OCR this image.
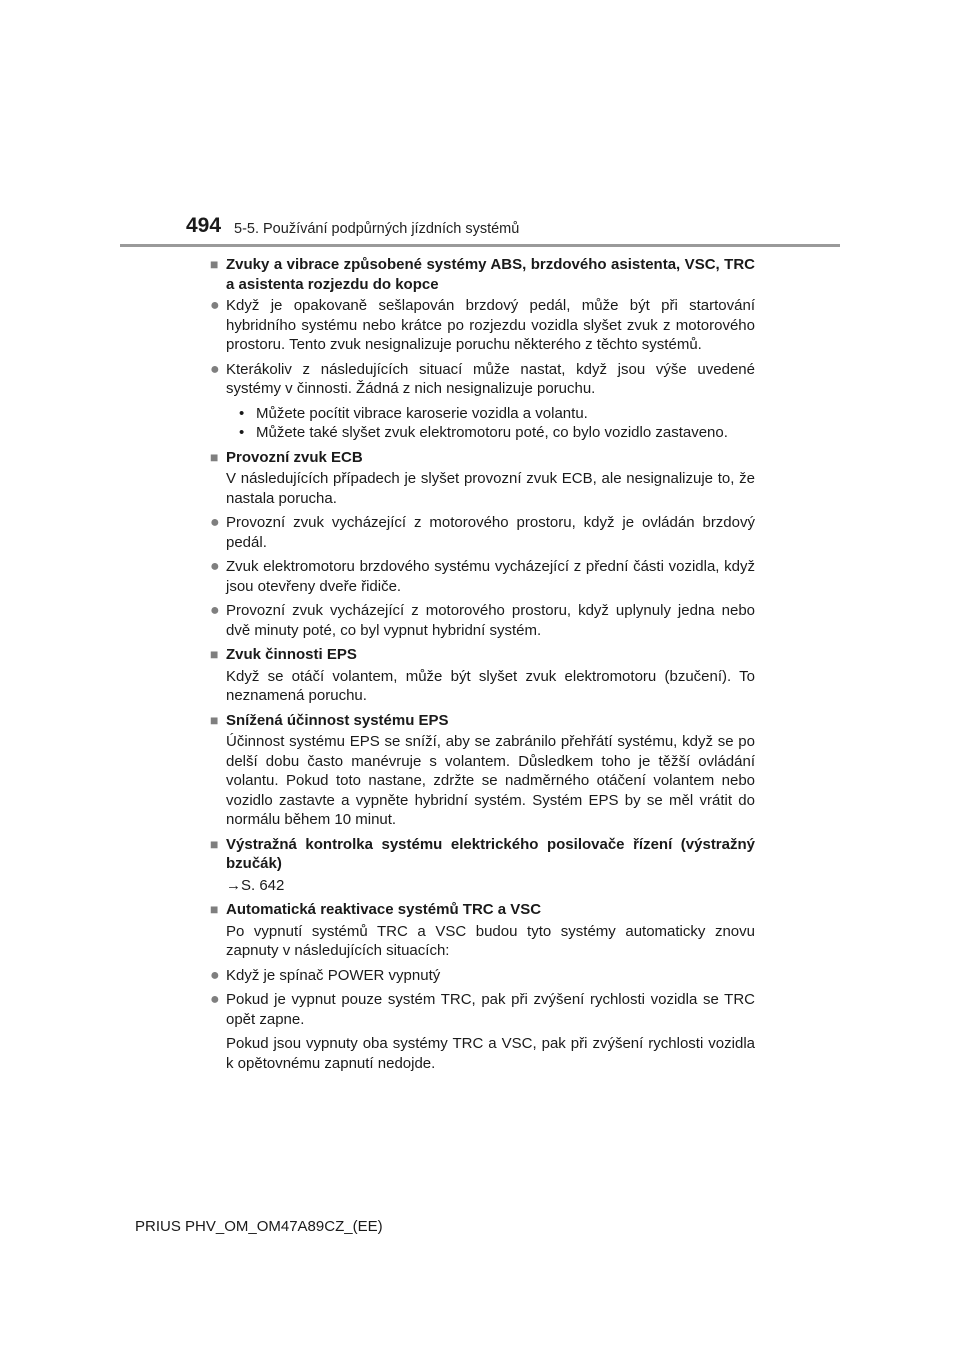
494 5-5. Používání podpůrných jízdních systémů
■ Zvuky a vibrace způsobené systémy ABS, brzdového asistenta, VSC, TRC a asistenta rozjezdu do kopce
● Když je opakovaně sešlapován brzdový pedál, může být při startování hybridního systému nebo krátce po rozjezdu vozidla slyšet zvuk z motorového prostoru. Tento zvuk nesignalizuje poruchu některého z těchto systémů.
● Kterákoliv z následujících situací může nastat, když jsou výše uvedené systémy v činnosti. Žádná z nich nesignalizuje poruchu.
• Můžete pocítit vibrace karoserie vozidla a volantu.
• Můžete také slyšet zvuk elektromotoru poté, co bylo vozidlo zastaveno.
■ Provozní zvuk ECB
V následujících případech je slyšet provozní zvuk ECB, ale nesignalizuje to, že nastala porucha.
● Provozní zvuk vycházející z motorového prostoru, když je ovládán brzdový pedál.
● Zvuk elektromotoru brzdového systému vycházející z přední části vozidla, když jsou otevřeny dveře řidiče.
● Provozní zvuk vycházející z motorového prostoru, když uplynuly jedna nebo dvě minuty poté, co byl vypnut hybridní systém.
■ Zvuk činnosti EPS
Když se otáčí volantem, může být slyšet zvuk elektromotoru (bzučení). To neznamená poruchu.
■ Snížená účinnost systému EPS
Účinnost systému EPS se sníží, aby se zabránilo přehřátí systému, když se po delší dobu často manévruje s volantem. Důsledkem toho je těžší ovládání volantu. Pokud toto nastane, zdržte se nadměrného otáčení volantem nebo vozidlo zastavte a vypněte hybridní systém. Systém EPS by se měl vrátit do normálu během 10 minut.
■ Výstražná kontrolka systému elektrického posilovače řízení (výstražný bzučák)
→S. 642
■ Automatická reaktivace systémů TRC a VSC
Po vypnutí systémů TRC a VSC budou tyto systémy automaticky znovu zapnuty v následujících situacích:
● Když je spínač POWER vypnutý
● Pokud je vypnut pouze systém TRC, pak při zvýšení rychlosti vozidla se TRC opět zapne.
Pokud jsou vypnuty oba systémy TRC a VSC, pak při zvýšení rychlosti vozidla k opětovnému zapnutí nedojde.
PRIUS PHV_OM_OM47A89CZ_(EE)
